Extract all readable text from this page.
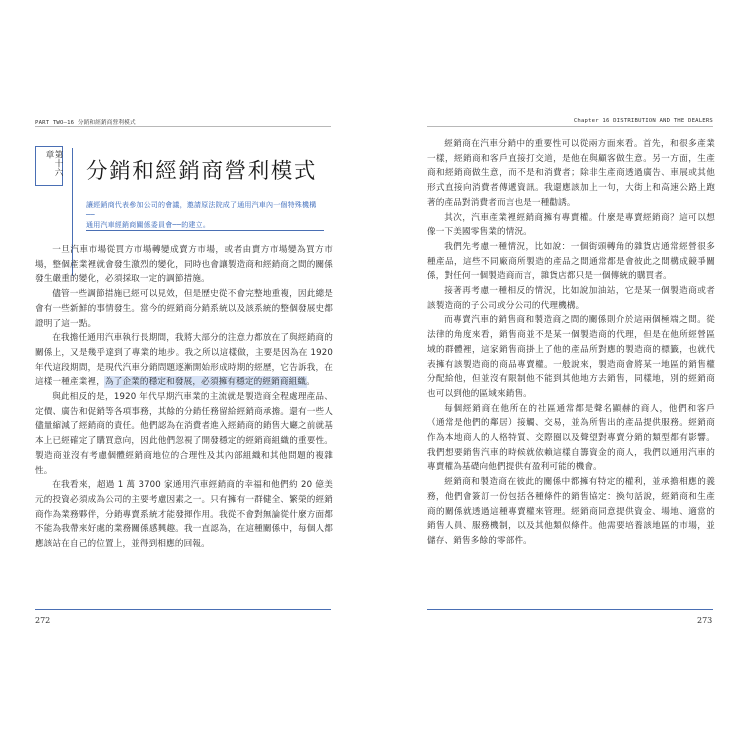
PART TWO—16 分銷和經銷商營利模式
第十六章
分銷和經銷商營利模式

讓經銷商代表參加公司的會議，邀請原法院成了通用汽車內一個特殊機構──

通用汽車經銷商關係委員會──的建立。

一旦汽車市場從買方市場轉變成賣方市場，或者由賣方市場變為買方市場，整個產業裡就會發生激烈的變化，同時也會讓製造商和經銷商之間的關係發生嚴重的變化，必須採取一定的調節措施。

儘管一些調節措施已經可以見效，但是歷史從不會完整地重複，因此總是會有一些新鮮的事情發生。當今的經銷商分銷系統以及該系統的整個發展史都證明了這一點。

在我擔任通用汽車執行長期間，我將大部分的注意力都放在了與經銷商的關係上，又是幾乎達到了專業的地步。我之所以這樣做，主要是因為在 1920 年代這段期間，是現代汽車分銷問題逐漸開始形成時期的經歷，它告訴我，在這樣一種產業裡，為了企業的穩定和發展，必須擁有穩定的經銷商組織。

與此相反的是，1920 年代早期汽車業的主流就是製造商全程處理產品、定價、廣告和促銷等各項事務，其餘的分銷任務留給經銷商承擔。還有一些人儘量縮減了經銷商的責任。他們認為在消費者進入經銷商的銷售大廳之前就基本上已經確定了購買意向，因此他們忽視了開發穩定的經銷商組織的重要性。製造商並沒有考慮個體經銷商地位的合理性及其內部組織和其他問題的複雜性。

在我看來，超過 1 萬 3700 家通用汽車經銷商的幸福和他們約 20 億美元的投資必須成為公司的主要考慮因素之一。只有擁有一群健全、繁榮的經銷商作為業務夥伴，分銷專賣系統才能發揮作用。我從不會對無論從什麼方面都不能為我帶來好處的業務關係感興趣。我一直認為，在這種關係中，每個人都應該站在自己的位置上，並得到相應的回報。

272
Chapter 16 DISTRIBUTION AND THE DEALERS

經銷商在汽車分銷中的重要性可以從兩方面來看。首先，和很多產業一樣，經銷商和客戶直接打交道，是他在與顧客做生意。另一方面，生產商和經銷商做生意，而不是和消費者；除非生產商透過廣告、車展或其他形式直接向消費者傳遞資訊。我還應該加上一句，大街上和高速公路上跑著的產品對消費者而言也是一種勸誘。

其次，汽車產業裡經銷商擁有專賣權。什麼是專賣經銷商？這可以想像一下美國零售業的情況。

我們先考慮一種情況，比如說：一個街頭轉角的雜貨店通常經營很多種產品，這些不同廠商所製造的產品之間通常都是會彼此之間構成競爭關係，對任何一個製造商而言，雜貨店都只是一個傳統的購買者。

接著再考慮一種相反的情況，比如說加油站，它是某一個製造商或者該製造商的子公司或分公司的代理機構。

而專賣汽車的銷售商和製造商之間的關係則介於這兩個極端之間。從法律的角度來看，銷售商並不是某一個製造商的代理，但是在他所經營區域的群體裡，這家銷售商掛上了他的產品所對應的製造商的標籤，也就代表擁有該製造商的商品專賣權。一般說來，製造商會將某一地區的銷售權分配給他，但並沒有限制他不能到其他地方去銷售，同樣地，別的經銷商也可以到他的區域來銷售。

每個經銷商在他所在的社區通常都是聲名顯赫的商人，他們和客戶（通常是他們的鄰居）接觸、交易，並為所售出的產品提供服務。經銷商作為本地商人的人格特質、交際圈以及聲望對專賣分銷的類型都有影響。我們想要銷售汽車的時候就依賴這樣自籌資金的商人，我們以通用汽車的專賣權為基礎向他們提供有盈利可能的機會。

經銷商和製造商在彼此的關係中都擁有特定的權利，並承擔相應的義務，他們會簽訂一份包括各種條件的銷售協定：換句話說，經銷商和生產商的關係就透過這種專賣權來管理。經銷商同意提供資金、場地、適當的銷售人員、服務機制，以及其他類似條件。他需要培養該地區的市場，並儲存、銷售多餘的零部件。

273
